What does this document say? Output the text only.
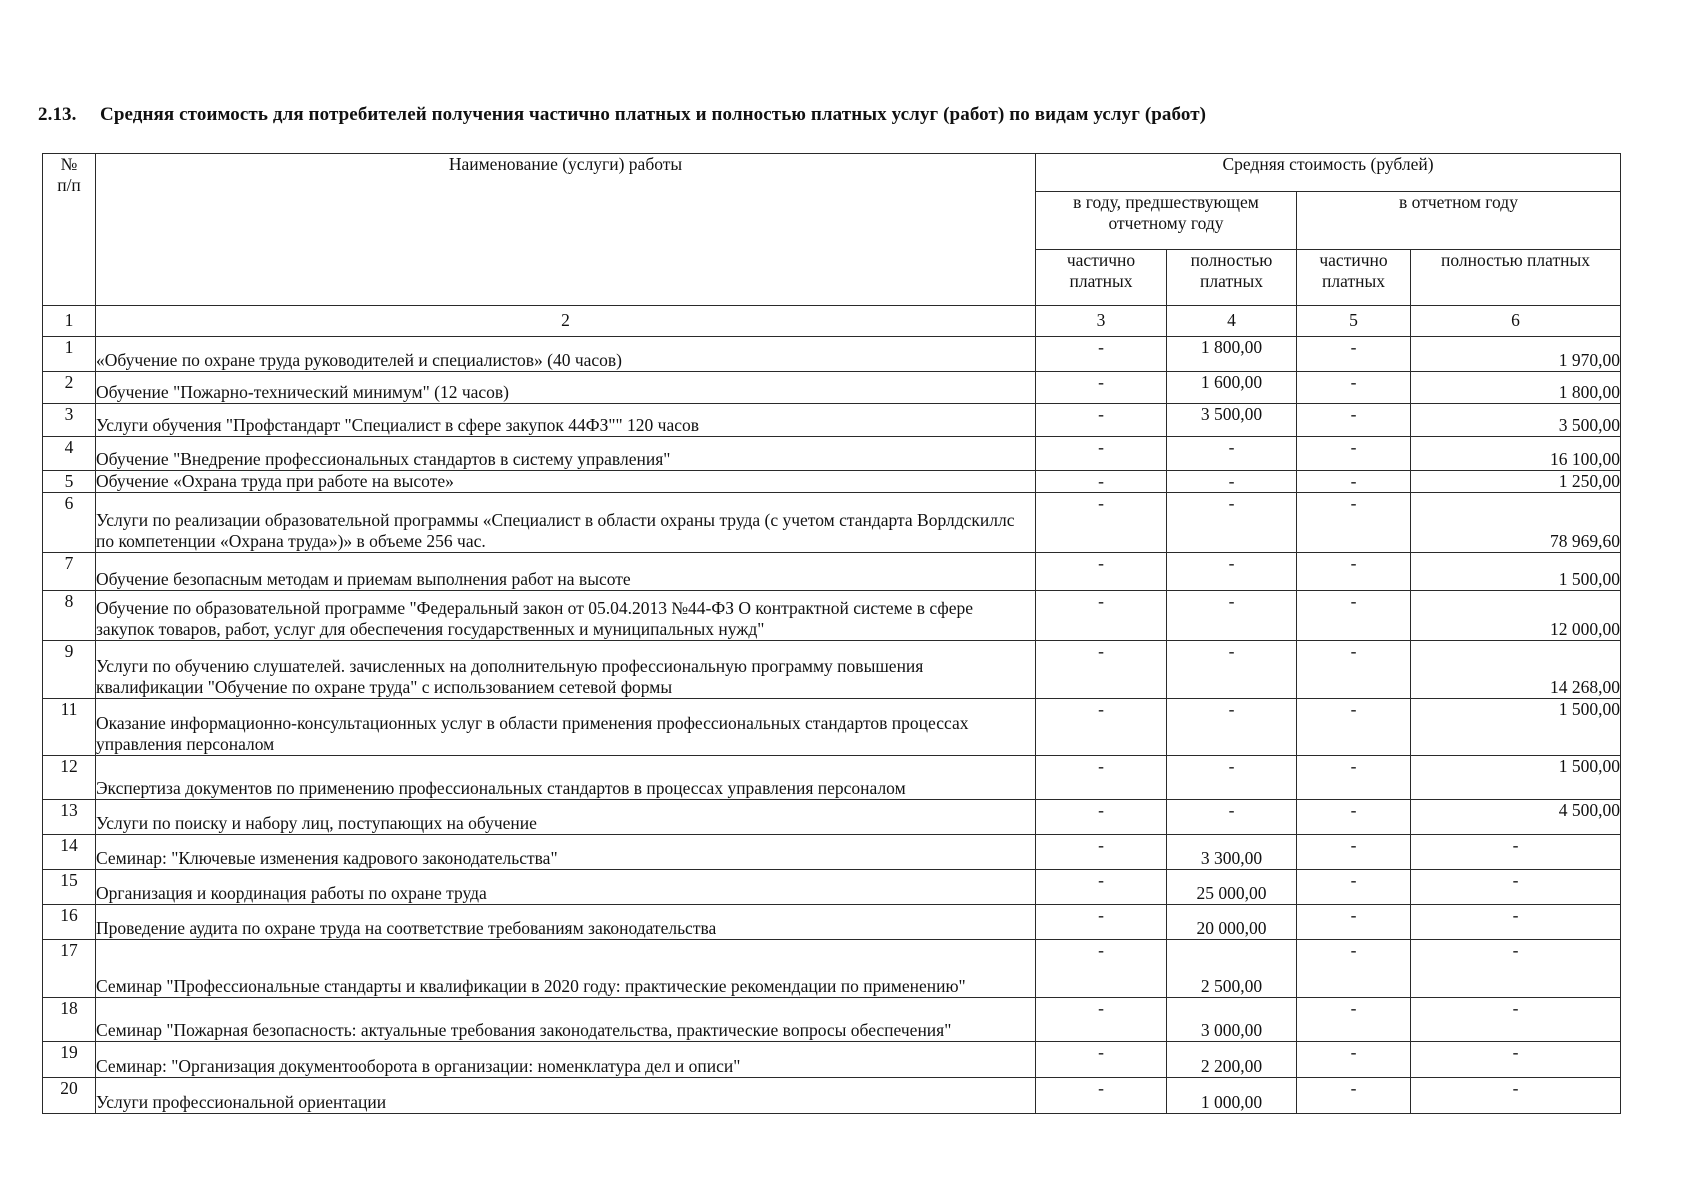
2.13. Средняя стоимость для потребителей получения частично платных и полностью платных услуг (работ) по видам услуг (работ)
№
п/п	Наименование (услуги) работы	Средняя стоимость (рублей)			
		в году, предшествующем отчетному году		в отчетном году	
		частично платных	полностью платных	частично платных	полностью платных
1	2	3	4	5	6
1	«Обучение по охране труда руководителей и специалистов» (40 часов)	-	1 800,00	-	1 970,00
2	Обучение "Пожарно-технический минимум" (12 часов)	-	1 600,00	-	1 800,00
3	Услуги обучения "Профстандарт "Специалист в сфере закупок 44ФЗ"" 120 часов	-	3 500,00	-	3 500,00
4	Обучение "Внедрение профессиональных стандартов в систему управления"	-	-	-	16 100,00
5	Обучение «Охрана труда при работе на высоте»	-	-	-	1 250,00
6	Услуги по реализации образовательной программы «Специалист в области охраны труда (с учетом стандарта Ворлдскиллс по компетенции «Охрана труда»)» в объеме 256 час.	-	-	-	78 969,60
7	Обучение безопасным методам и приемам выполнения работ на высоте	-	-	-	1 500,00
8	Обучение по образовательной программе "Федеральный закон от 05.04.2013 №44-ФЗ О контрактной системе в сфере закупок товаров, работ, услуг для обеспечения государственных и муниципальных нужд"	-	-	-	12 000,00
9	Услуги по обучению слушателей. зачисленных на дополнительную профессиональную программу повышения квалификации "Обучение по охране труда" с использованием сетевой формы	-	-	-	14 268,00
11	Оказание информационно-консультационных услуг в области применения профессиональных стандартов процессах управления персоналом	-	-	-	1 500,00
12	Экспертиза документов по применению профессиональных стандартов в процессах управления персоналом	-	-	-	1 500,00
13	Услуги по поиску и набору лиц, поступающих на обучение	-	-	-	4 500,00
14	Семинар: "Ключевые изменения кадрового законодательства"	-	3 300,00	-	-
15	Организация и координация работы по охране труда	-	25 000,00	-	-
16	Проведение аудита по охране труда на соответствие требованиям законодательства	-	20 000,00	-	-
17	Семинар "Профессиональные стандарты и квалификации в 2020 году: практические рекомендации по применению"	-	2 500,00	-	-
18	Семинар "Пожарная безопасность: актуальные требования законодательства, практические вопросы обеспечения"	-	3 000,00	-	-
19	Семинар: "Организация документооборота в организации: номенклатура дел и описи"	-	2 200,00	-	-
20	Услуги профессиональной ориентации	-	1 000,00	-	-
